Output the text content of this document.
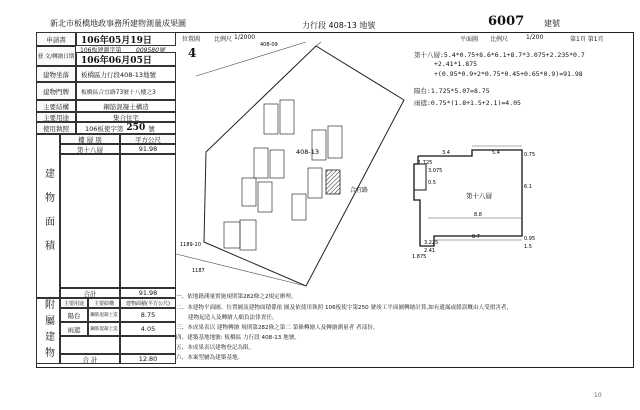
新北市板橋地政事務所建物測量成果圖	力行段 408-13 地號	6007 建號
申請書	106年05月19日
106板建測字第	009580號
發 文/轉繪日期 106年06月05日
建物坐落	板橋區力行段408-13地號
建物門牌	板橋區合宜路73號十八樓之3
主要結構	鋼筋混凝土構造
主要用途	集合住宅
使用執照	106板使字第 250 號
建物面積
樓 層 別	平方公尺
第十八層	91.98
合計	91.98
附屬建物	主要用途	主要結構	建物面積(平方公尺)
陽台	鋼筋混凝土造	8.75
雨遮	鋼筋混凝土造	4.05
合 計	12.80
位置圖 比例尺 1/2000
4
408-13
408-09
1189-10
合宜路
1187
平面圖 比例尺	1/200	第1頁 第1頁
第十八層:5.4*0.75+8.6*6.1+8.7*3.075+2.235*0.7
+2.41*1.875
+(0.95*0.9+2*0.75*0.45+0.65*0.9)=91.98
陽台:1.725*5.07=8.75
雨遮:0.75*(1.8+1.5+2.1)=4.05
第十八層
5.4
3.4
1.725
0.75
3.075
0.5
6.1
8.8
8.7
1.875
3.225
2.41
0.95
1.5
一、依地籍測量實施規則第282條之2規定辦理。
二、本建物平面圖、位置圖及建物面積係依 圖及依使用執照 106板使字第250 號竣工平面圖轉繪計算,如有遺漏或錯誤概由人受損害者,
建物起造人及轉繪人願負法律責任。
三、本成果表以 建物轉繪 規則第282條之第二 第條轉繪人及轉繪測量者 者部份。
四、建築基地地號: 板橋區 力行段 408-13 地號。
五、本成果表以建物登記為限。
六、本案型屬為建築基地。
10
